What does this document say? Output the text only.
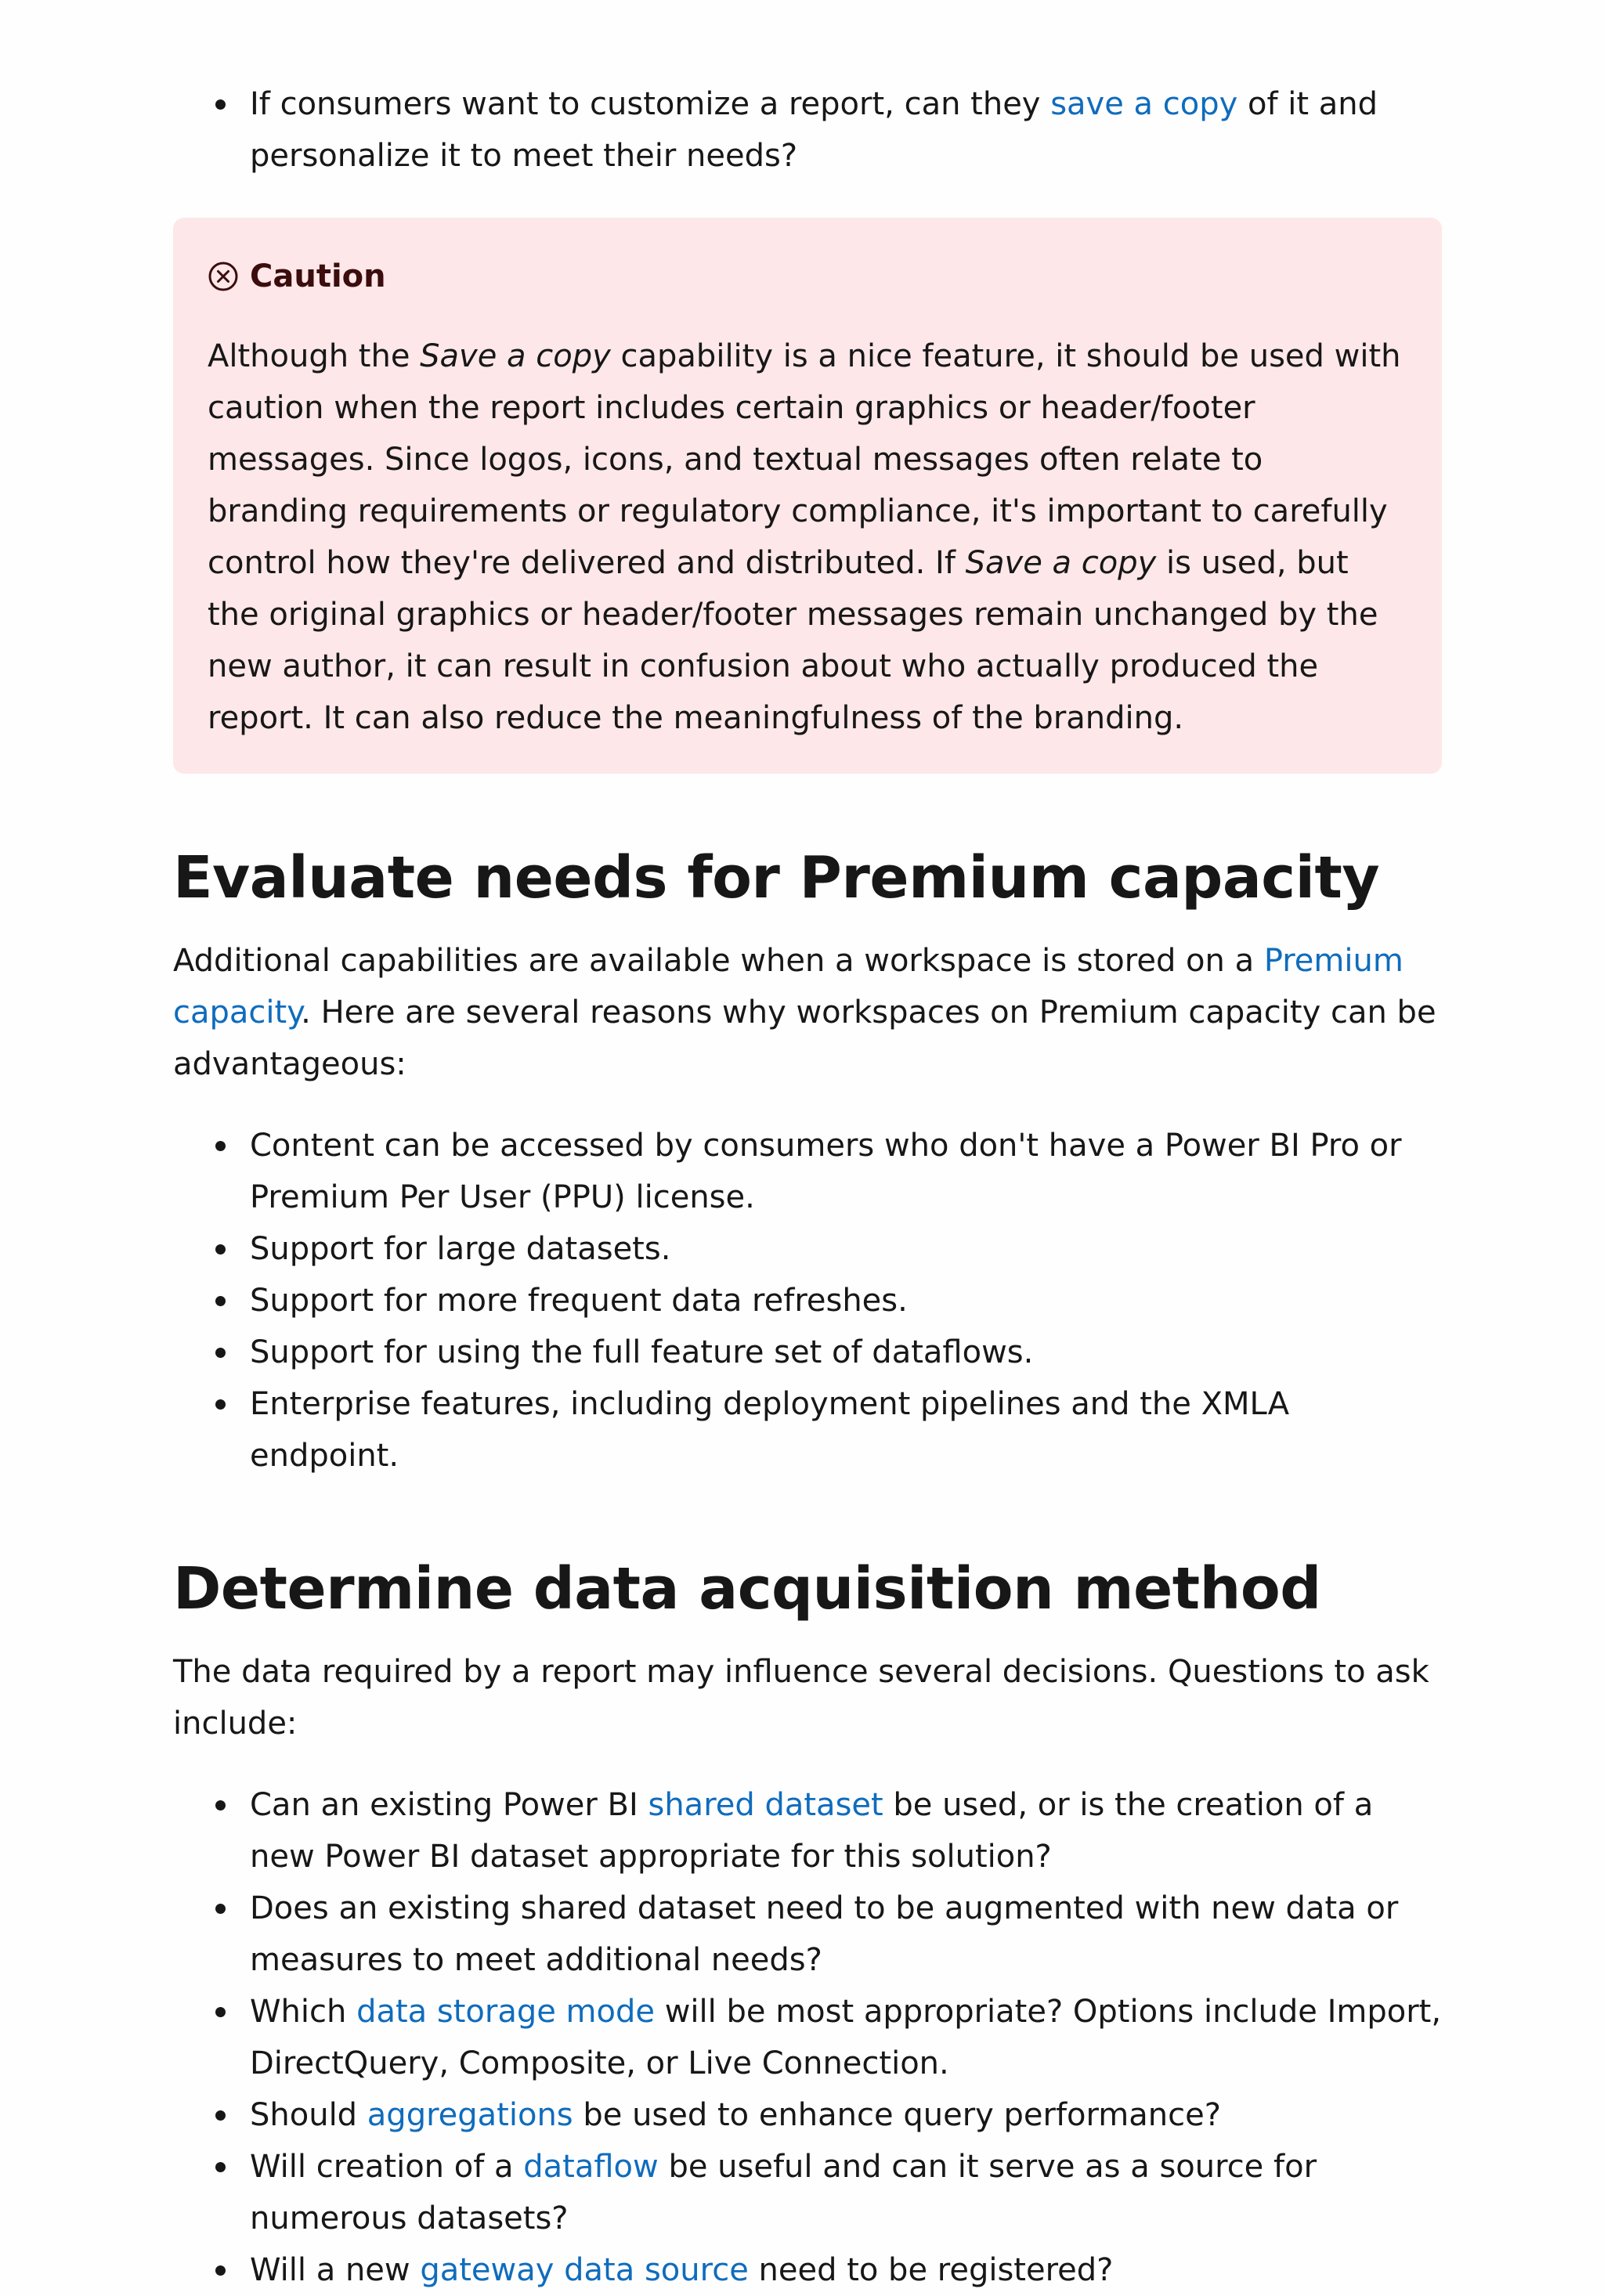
If consumers want to customize a report, can they save a copy of it and personalize it to meet their needs?
Caution

Although the Save a copy capability is a nice feature, it should be used with caution when the report includes certain graphics or header/footer messages. Since logos, icons, and textual messages often relate to branding requirements or regulatory compliance, it's important to carefully control how they're delivered and distributed. If Save a copy is used, but the original graphics or header/footer messages remain unchanged by the new author, it can result in confusion about who actually produced the report. It can also reduce the meaningfulness of the branding.

Evaluate needs for Premium capacity

Additional capabilities are available when a workspace is stored on a Premium capacity. Here are several reasons why workspaces on Premium capacity can be advantageous:

Content can be accessed by consumers who don't have a Power BI Pro or Premium Per User (PPU) license.
Support for large datasets.
Support for more frequent data refreshes.
Support for using the full feature set of dataflows.
Enterprise features, including deployment pipelines and the XMLA endpoint.
Determine data acquisition method

The data required by a report may influence several decisions. Questions to ask include:

Can an existing Power BI shared dataset be used, or is the creation of a new Power BI dataset appropriate for this solution?
Does an existing shared dataset need to be augmented with new data or measures to meet additional needs?
Which data storage mode will be most appropriate? Options include Import, DirectQuery, Composite, or Live Connection.
Should aggregations be used to enhance query performance?
Will creation of a dataflow be useful and can it serve as a source for numerous datasets?
Will a new gateway data source need to be registered?
